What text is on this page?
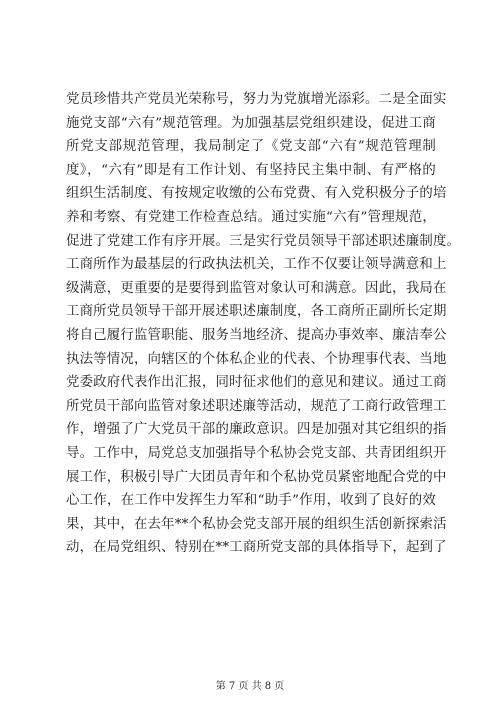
党员珍惜共产党员光荣称号，努力为党旗增光添彩。二是全面实
施党支部“六有”规范管理。为加强基层党组织建设，促进工商
所党支部规范管理，我局制定了《党支部“六有”规范管理制
度》，“六有”即是有工作计划、有坚持民主集中制、有严格的
组织生活制度、有按规定收缴的公布党费、有入党积极分子的培
养和考察、有党建工作检查总结。通过实施“六有”管理规范，
促进了党建工作有序开展。三是实行党员领导干部述职述廉制度。
工商所作为最基层的行政执法机关，工作不仅要让领导满意和上
级满意，更重要的是要得到监管对象认可和满意。因此，我局在
工商所党员领导干部开展述职述廉制度，各工商所正副所长定期
将自己履行监管职能、服务当地经济、提高办事效率、廉洁奉公
执法等情况，向辖区的个体私企业的代表、个协理事代表、当地
党委政府代表作出汇报，同时征求他们的意见和建议。通过工商
所党员干部向监管对象述职述廉等活动，规范了工商行政管理工
作，增强了广大党员干部的廉政意识。四是加强对其它组织的指
导。工作中，局党总支加强指导个私协会党支部、共青团组织开
展工作，积极引导广大团员青年和个私协党员紧密地配合党的中
心工作，在工作中发挥生力军和“助手”作用，收到了良好的效
果，其中，在去年**个私协会党支部开展的组织生活创新探索活
动，在局党组织、特别在**工商所党支部的具体指导下，起到了
第 7 页 共 8 页
